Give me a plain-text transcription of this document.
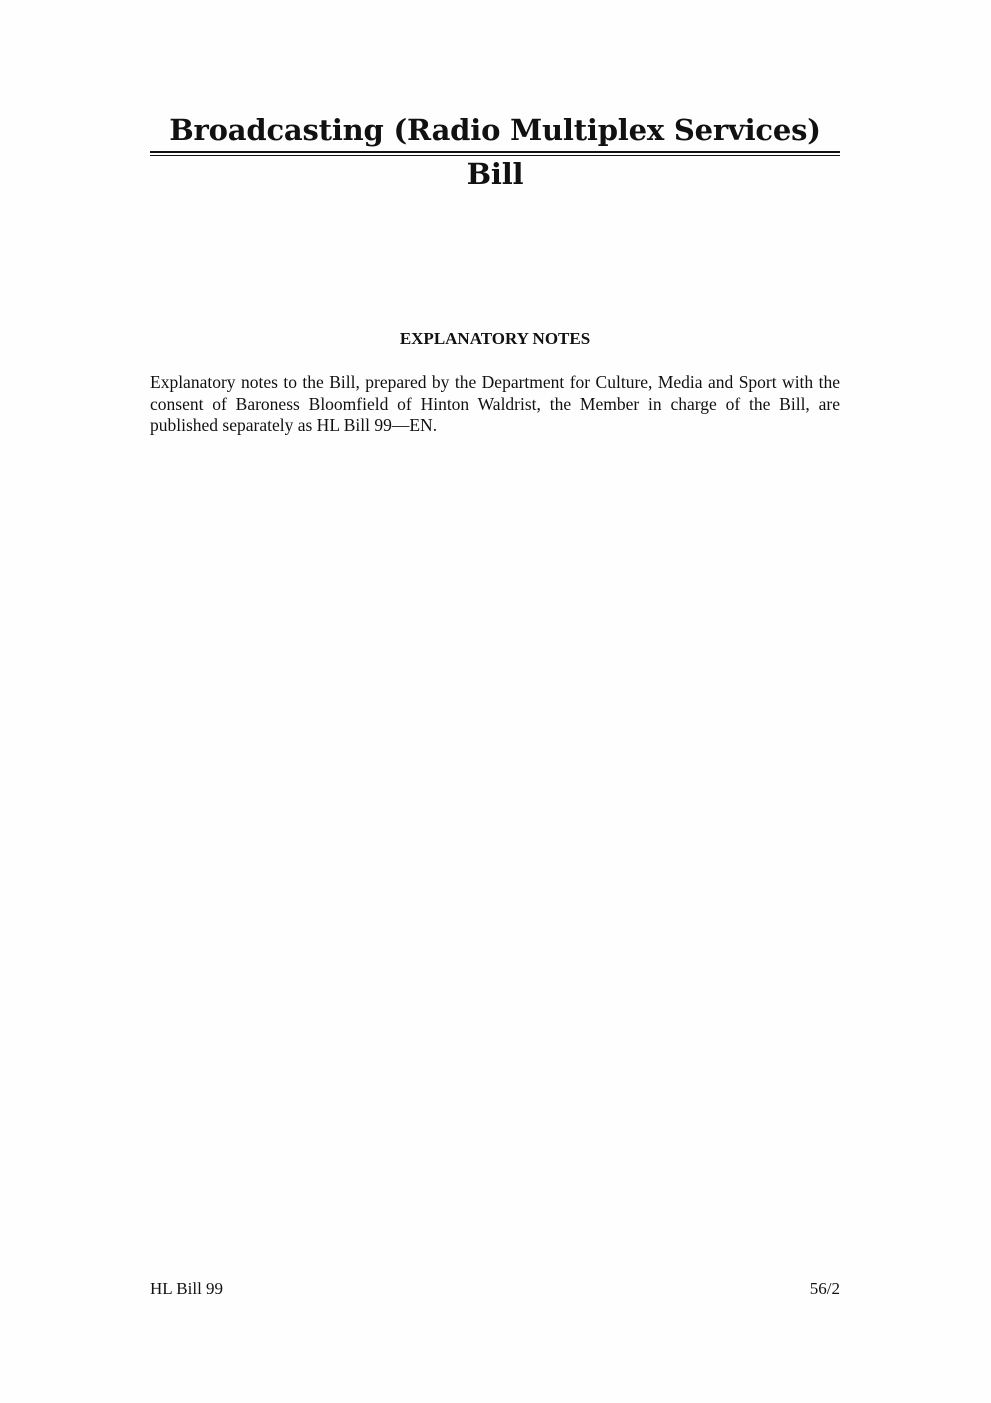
Broadcasting (Radio Multiplex Services) Bill
EXPLANATORY NOTES

Explanatory notes to the Bill, prepared by the Department for Culture, Media and Sport with the consent of Baroness Bloomfield of Hinton Waldrist, the Member in charge of the Bill, are published separately as HL Bill 99—EN.

HL Bill 99	56/2
